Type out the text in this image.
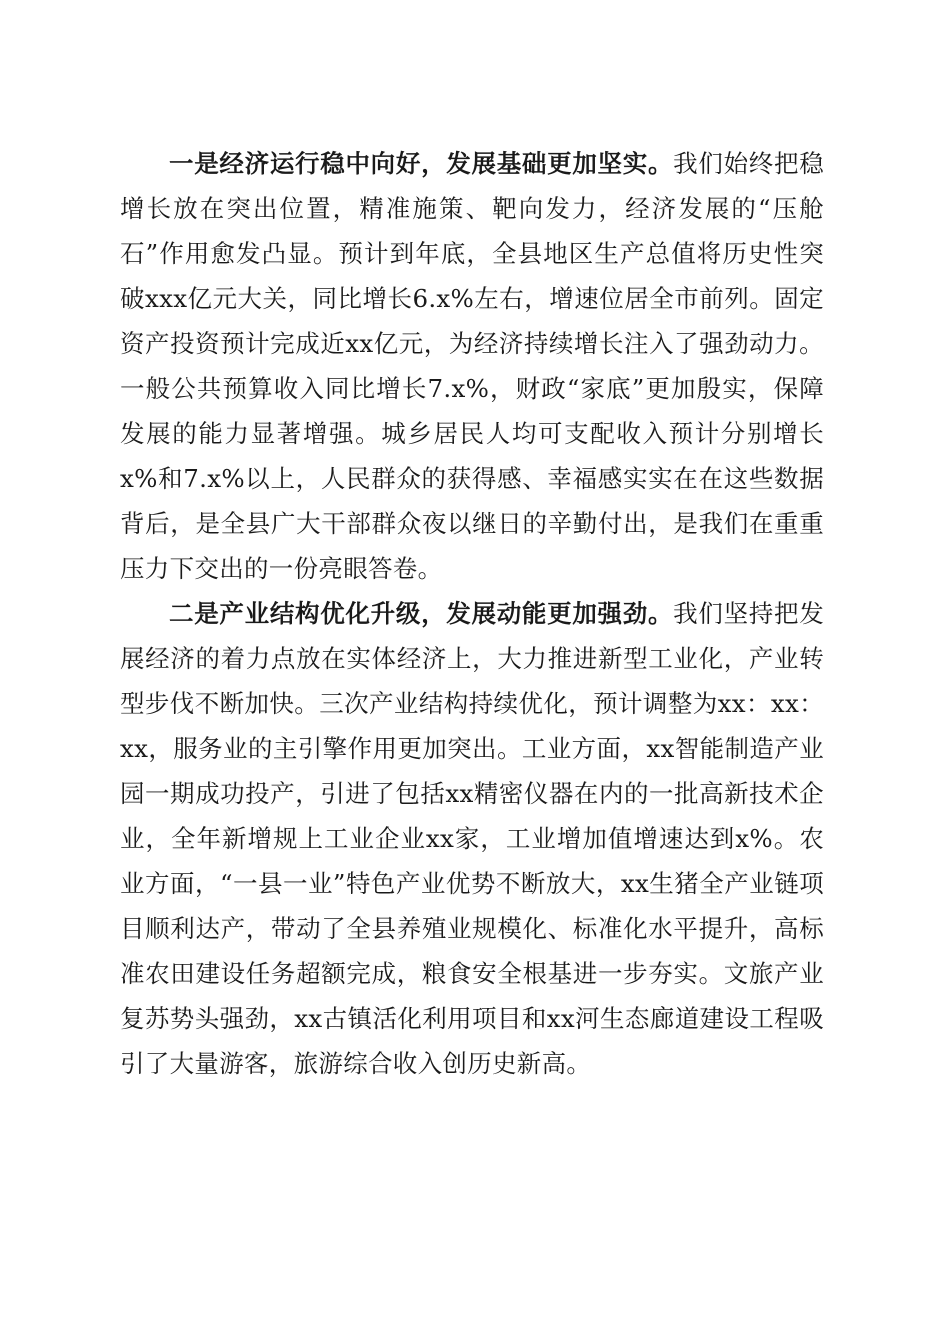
一是经济运行稳中向好，发展基础更加坚实。我们始终把稳增长放在突出位置，精准施策、靶向发力，经济发展的“压舱石”作用愈发凸显。预计到年底，全县地区生产总值将历史性突破xxx亿元大关，同比增长6.x%左右，增速位居全市前列。固定资产投资预计完成近xx亿元，为经济持续增长注入了强劲动力。一般公共预算收入同比增长7.x%，财政“家底”更加殷实，保障发展的能力显著增强。城乡居民人均可支配收入预计分别增长x%和7.x%以上，人民群众的获得感、幸福感实实在在这些数据背后，是全县广大干部群众夜以继日的辛勤付出，是我们在重重压力下交出的一份亮眼答卷。

二是产业结构优化升级，发展动能更加强劲。我们坚持把发展经济的着力点放在实体经济上，大力推进新型工业化，产业转型步伐不断加快。三次产业结构持续优化，预计调整为xx：xx：xx，服务业的主引擎作用更加突出。工业方面，xx智能制造产业园一期成功投产，引进了包括xx精密仪器在内的一批高新技术企业，全年新增规上工业企业xx家，工业增加值增速达到x%。农业方面，“一县一业”特色产业优势不断放大，xx生猪全产业链项目顺利达产，带动了全县养殖业规模化、标准化水平提升，高标准农田建设任务超额完成，粮食安全根基进一步夯实。文旅产业复苏势头强劲，xx古镇活化利用项目和xx河生态廊道建设工程吸引了大量游客，旅游综合收入创历史新高。
